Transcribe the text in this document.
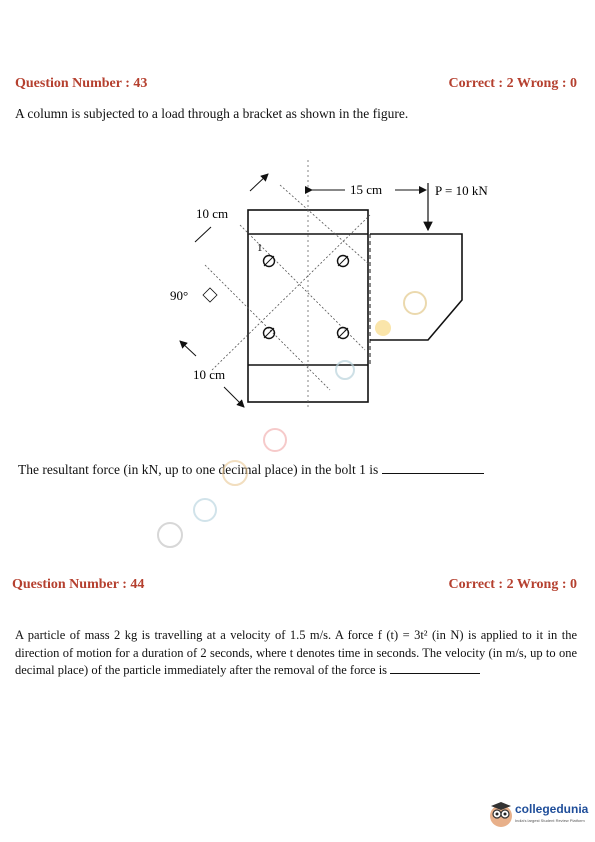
Question Number : 43	Correct : 2 Wrong : 0
A column is subjected to a load through a bracket as shown in the figure.
1
15 cm	P = 10 kN
10 cm
90°
10 cm
The resultant force (in kN, up to one decimal place) in the bolt 1 is
Question Number : 44	Correct : 2 Wrong : 0
A particle of mass 2 kg is travelling at a velocity of 1.5 m/s. A force f (t) = 3t² (in N) is applied to it in the direction of motion for a duration of 2 seconds, where t denotes time in seconds. The velocity (in m/s, up to one decimal place) of the particle immediately after the removal of the force is
collegedunia
India's largest Student Review Platform
